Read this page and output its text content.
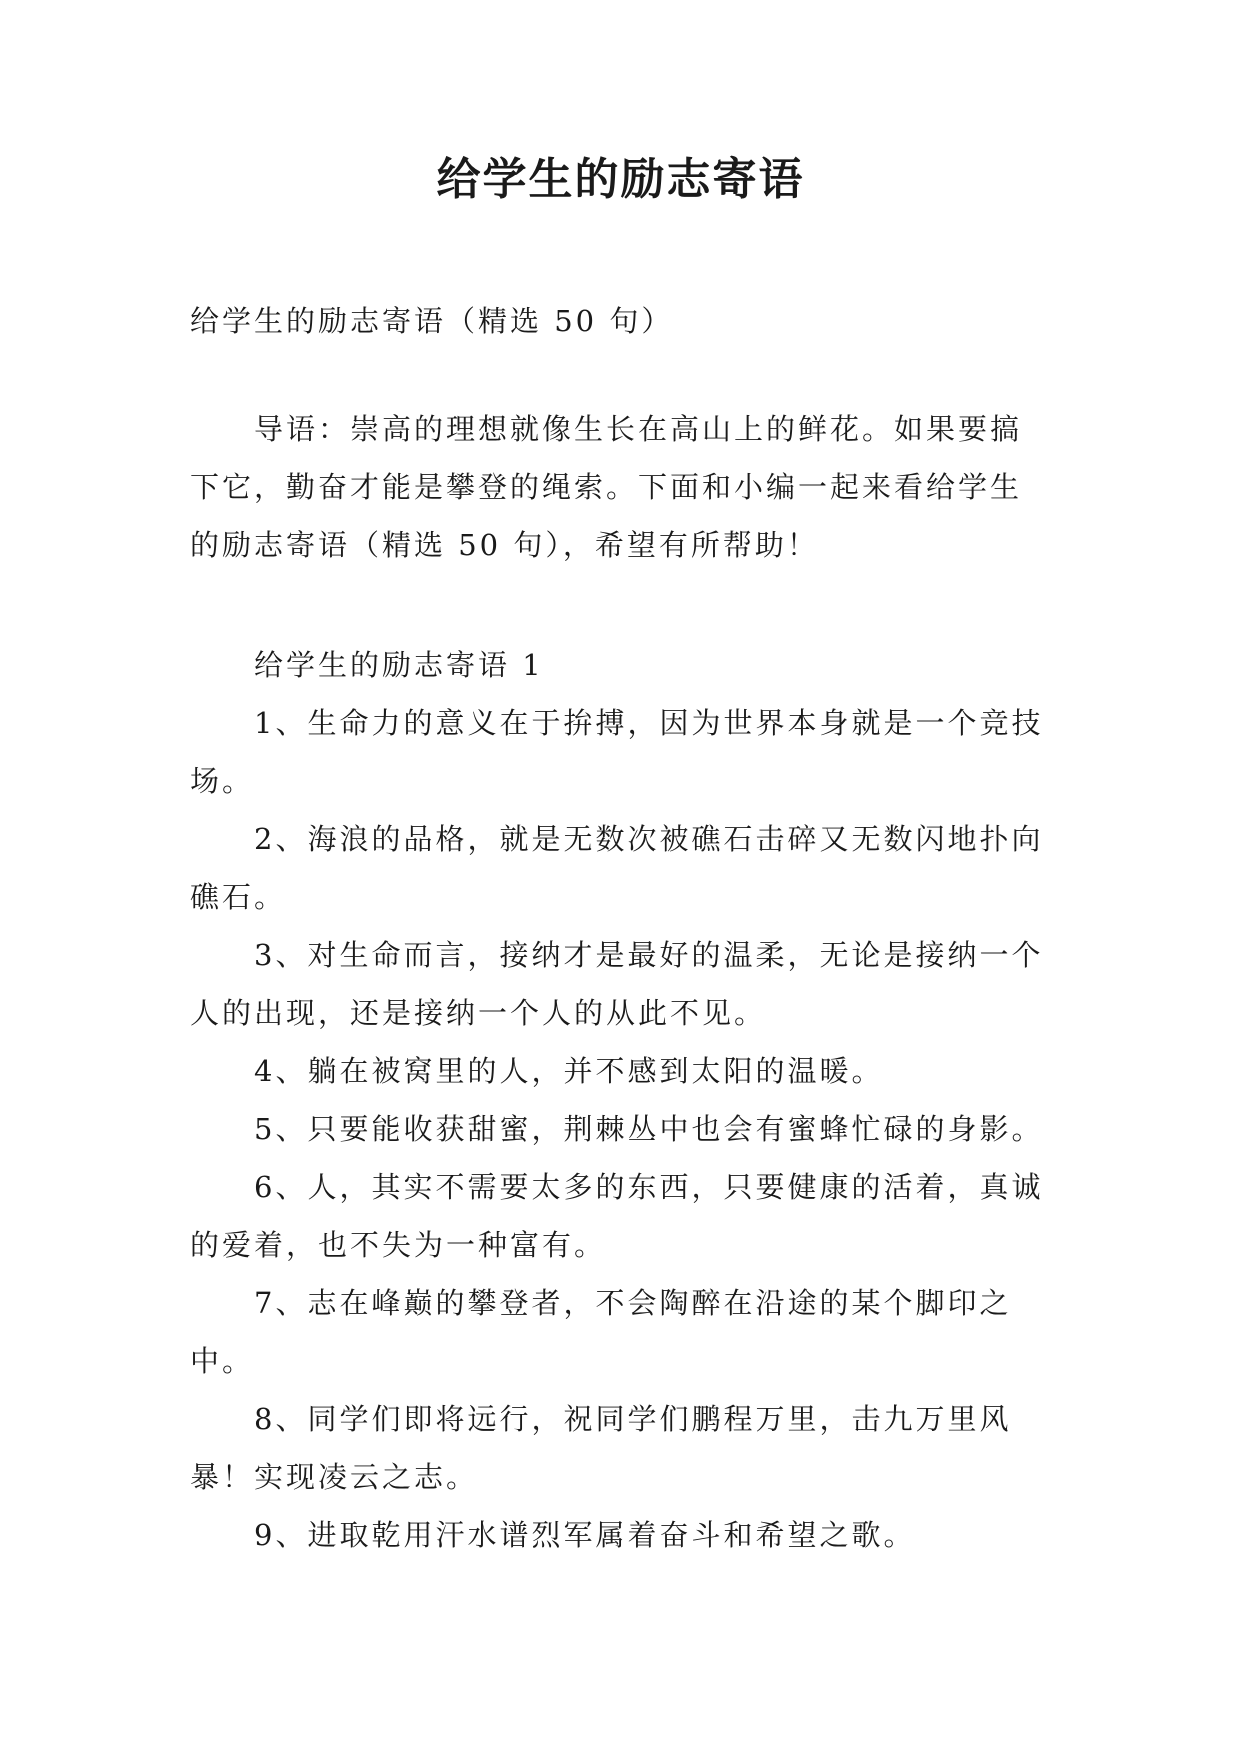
给学生的励志寄语

给学生的励志寄语（精选 50 句）

导语：崇高的理想就像生长在高山上的鲜花。如果要搞下它，勤奋才能是攀登的绳索。下面和小编一起来看给学生的励志寄语（精选 50 句），希望有所帮助！

给学生的励志寄语 1

1、生命力的意义在于拚搏，因为世界本身就是一个竞技场。

2、海浪的品格，就是无数次被礁石击碎又无数闪地扑向礁石。

3、对生命而言，接纳才是最好的温柔，无论是接纳一个人的出现，还是接纳一个人的从此不见。

4、躺在被窝里的人，并不感到太阳的温暖。

5、只要能收获甜蜜，荆棘丛中也会有蜜蜂忙碌的身影。

6、人，其实不需要太多的东西，只要健康的活着，真诚的爱着，也不失为一种富有。

7、志在峰巅的攀登者，不会陶醉在沿途的某个脚印之中。

8、同学们即将远行，祝同学们鹏程万里，击九万里风暴！实现凌云之志。

9、进取乾用汗水谱烈军属着奋斗和希望之歌。
